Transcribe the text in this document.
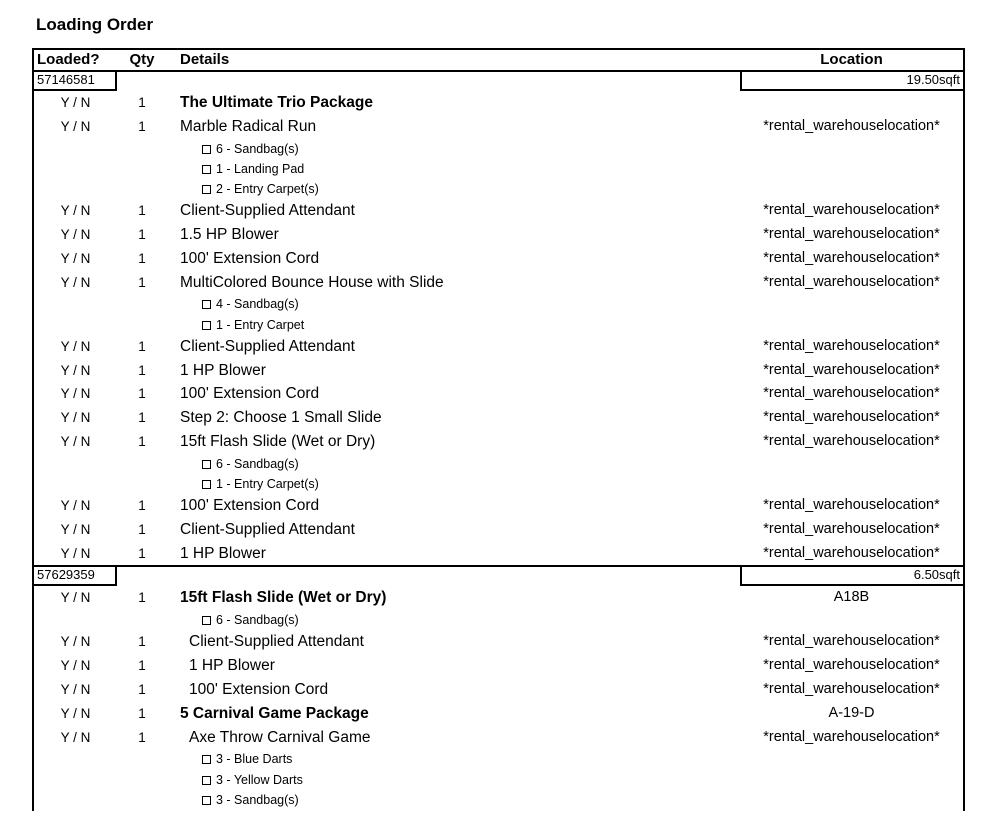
Loading Order
Loaded?	Qty	Details	Location
57146581	19.50sqft
Y / N	1	The Ultimate Trio Package
Y / N	1	Marble Radical Run	*rental_warehouselocation*
6 - Sandbag(s)
1 - Landing Pad
2 - Entry Carpet(s)
Y / N	1	Client-Supplied Attendant	*rental_warehouselocation*
Y / N	1	1.5 HP Blower	*rental_warehouselocation*
Y / N	1	100' Extension Cord	*rental_warehouselocation*
Y / N	1	MultiColored Bounce House with Slide	*rental_warehouselocation*
4 - Sandbag(s)
1 - Entry Carpet
Y / N	1	Client-Supplied Attendant	*rental_warehouselocation*
Y / N	1	1 HP Blower	*rental_warehouselocation*
Y / N	1	100' Extension Cord	*rental_warehouselocation*
Y / N	1	Step 2: Choose 1 Small Slide	*rental_warehouselocation*
Y / N	1	15ft Flash Slide (Wet or Dry)	*rental_warehouselocation*
6 - Sandbag(s)
1 - Entry Carpet(s)
Y / N	1	100' Extension Cord	*rental_warehouselocation*
Y / N	1	Client-Supplied Attendant	*rental_warehouselocation*
Y / N	1	1 HP Blower	*rental_warehouselocation*
57629359	6.50sqft
Y / N	1	15ft Flash Slide (Wet or Dry)	A18B
6 - Sandbag(s)
Y / N	1	Client-Supplied Attendant	*rental_warehouselocation*
Y / N	1	1 HP Blower	*rental_warehouselocation*
Y / N	1	100' Extension Cord	*rental_warehouselocation*
Y / N	1	5 Carnival Game Package	A-19-D
Y / N	1	Axe Throw Carnival Game	*rental_warehouselocation*
3 - Blue Darts
3 - Yellow Darts
3 - Sandbag(s)
